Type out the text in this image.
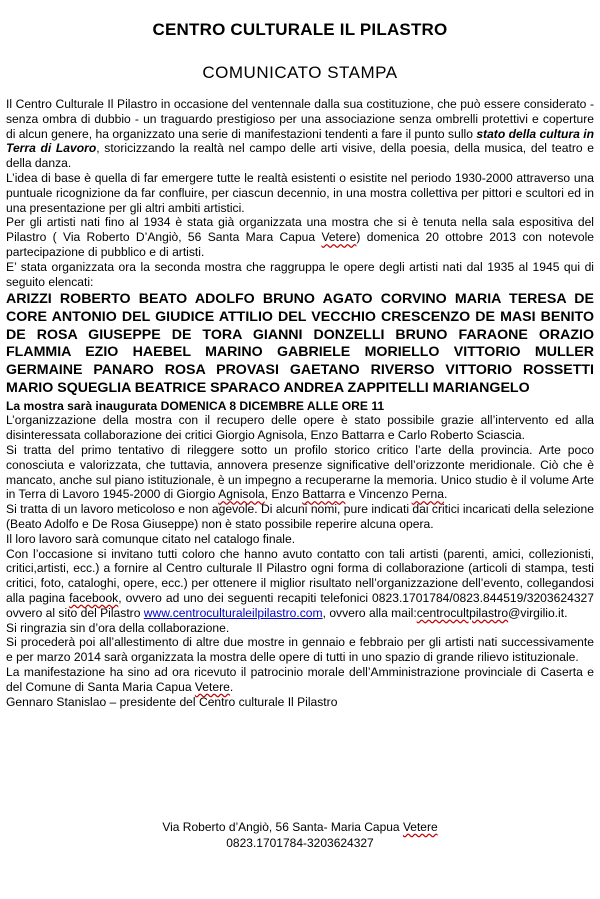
CENTRO CULTURALE IL PILASTRO
COMUNICATO STAMPA

Il Centro Culturale Il Pilastro in occasione del ventennale dalla sua costituzione, che può essere considerato - senza ombra di dubbio - un traguardo prestigioso per una associazione senza ombrelli protettivi e coperture di alcun genere, ha organizzato una serie di manifestazioni tendenti a fare il punto sullo stato della cultura in Terra di Lavoro, storicizzando la realtà nel campo delle arti visive, della poesia, della musica, del teatro e della danza.

L’idea di base è quella di far emergere tutte le realtà esistenti o esistite nel periodo 1930-2000 attraverso una puntuale ricognizione da far confluire, per ciascun decennio, in una mostra collettiva per pittori e scultori ed in una presentazione per gli altri ambiti artistici.

Per gli artisti nati fino al 1934 è stata già organizzata una mostra che si è tenuta nella sala espositiva del Pilastro ( Via Roberto D’Angiò, 56 Santa Mara Capua Vetere) domenica 20 ottobre 2013 con notevole partecipazione di pubblico e di artisti.

E’ stata organizzata ora la seconda mostra che raggruppa le opere degli artisti nati dal 1935 al 1945 qui di seguito elencati:

ARIZZI ROBERTO BEATO ADOLFO BRUNO AGATO CORVINO MARIA TERESA DE CORE ANTONIO DEL GIUDICE ATTILIO DEL VECCHIO CRESCENZO DE MASI BENITO DE ROSA GIUSEPPE DE TORA GIANNI DONZELLI BRUNO FARAONE ORAZIO FLAMMIA EZIO HAEBEL MARINO GABRIELE MORIELLO VITTORIO MULLER GERMAINE PANARO ROSA PROVASI GAETANO RIVERSO VITTORIO ROSSETTI MARIO SQUEGLIA BEATRICE SPARACO ANDREA ZAPPITELLI MARIANGELO

La mostra sarà inaugurata DOMENICA 8 DICEMBRE ALLE ORE 11

L’organizzazione della mostra con il recupero delle opere è stato possibile grazie all’intervento ed alla disinteressata collaborazione dei critici Giorgio Agnisola, Enzo Battarra e Carlo Roberto Sciascia.

Si tratta del primo tentativo di rileggere sotto un profilo storico critico l’arte della provincia. Arte poco conosciuta e valorizzata, che tuttavia, annovera presenze significative dell’orizzonte meridionale. Ciò che è mancato, anche sul piano istituzionale, è un impegno a recuperarne la memoria. Unico studio è il volume Arte in Terra di Lavoro 1945-2000 di Giorgio Agnisola, Enzo Battarra e Vincenzo Perna.

Si tratta di un lavoro meticoloso e non agevole. Di alcuni nomi, pure indicati dai critici incaricati della selezione (Beato Adolfo e De Rosa Giuseppe) non è stato possibile reperire alcuna opera.

Il loro lavoro sarà comunque citato nel catalogo finale.

Con l’occasione si invitano tutti coloro che hanno avuto contatto con tali artisti (parenti, amici, collezionisti, critici,artisti, ecc.) a fornire al Centro culturale Il Pilastro ogni forma di collaborazione (articoli di stampa, testi critici, foto, cataloghi, opere, ecc.) per ottenere il miglior risultato nell’organizzazione dell’evento, collegandosi alla pagina facebook, ovvero ad uno dei seguenti recapiti telefonici 0823.1701784/0823.844519/3203624327 ovvero al sito del Pilastro www.centroculturaleilpilastro.com, ovvero alla mail:centrocultpilastro@virgilio.it.

Si ringrazia sin d’ora della collaborazione.

Si procederà poi all’allestimento di altre due mostre in gennaio e febbraio per gli artisti nati successivamente e per marzo 2014 sarà organizzata la mostra delle opere di tutti in uno spazio di grande rilievo istituzionale.

La manifestazione ha sino ad ora ricevuto il patrocinio morale dell’Amministrazione provinciale di Caserta e del Comune di Santa Maria Capua Vetere.

Gennaro Stanislao – presidente del Centro culturale Il Pilastro

Via Roberto d’Angiò, 56 Santa- Maria Capua Vetere
0823.1701784-3203624327
